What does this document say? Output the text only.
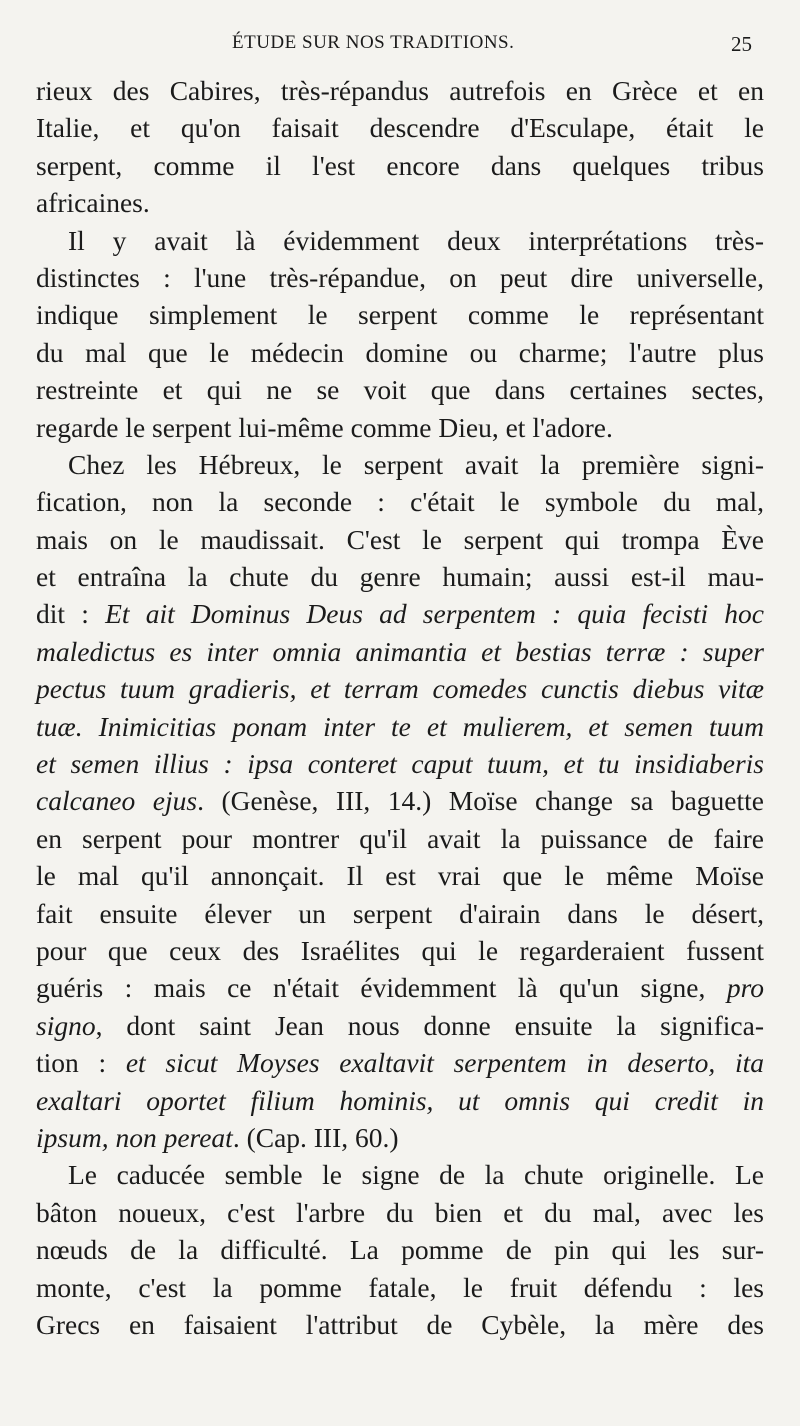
ÉTUDE SUR NOS TRADITIONS.	25
rieux des Cabires, très-répandus autrefois en Grèce et en
Italie, et qu'on faisait descendre d'Esculape, était le
serpent, comme il l'est encore dans quelques tribus
africaines.
Il y avait là évidemment deux interprétations très-
distinctes : l'une très-répandue, on peut dire universelle,
indique simplement le serpent comme le représentant
du mal que le médecin domine ou charme; l'autre plus
restreinte et qui ne se voit que dans certaines sectes,
regarde le serpent lui-même comme Dieu, et l'adore.
Chez les Hébreux, le serpent avait la première signi-
fication, non la seconde : c'était le symbole du mal,
mais on le maudissait. C'est le serpent qui trompa Ève
et entraîna la chute du genre humain; aussi est-il mau-
dit : Et ait Dominus Deus ad serpentem : quia fecisti hoc
maledictus es inter omnia animantia et bestias terræ : super
pectus tuum gradieris, et terram comedes cunctis diebus vitæ
tuæ. Inimicitias ponam inter te et mulierem, et semen tuum
et semen illius : ipsa conteret caput tuum, et tu insidiaberis
calcaneo ejus . (Genèse, III, 14.) Moïse change sa baguette
en serpent pour montrer qu'il avait la puissance de faire
le mal qu'il annonçait. Il est vrai que le même Moïse
fait ensuite élever un serpent d'airain dans le désert,
pour que ceux des Israélites qui le regarderaient fussent
guéris : mais ce n'était évidemment là qu'un signe, pro
signo , dont saint Jean nous donne ensuite la significa-
tion : et sicut Moyses exaltavit serpentem in deserto, ita
exaltari oportet filium hominis, ut omnis qui credit in
ipsum, non pereat . (Cap. III, 60.)
Le caducée semble le signe de la chute originelle. Le
bâton noueux, c'est l'arbre du bien et du mal, avec les
nœuds de la difficulté. La pomme de pin qui les sur-
monte, c'est la pomme fatale, le fruit défendu : les
Grecs en faisaient l'attribut de Cybèle, la mère des
